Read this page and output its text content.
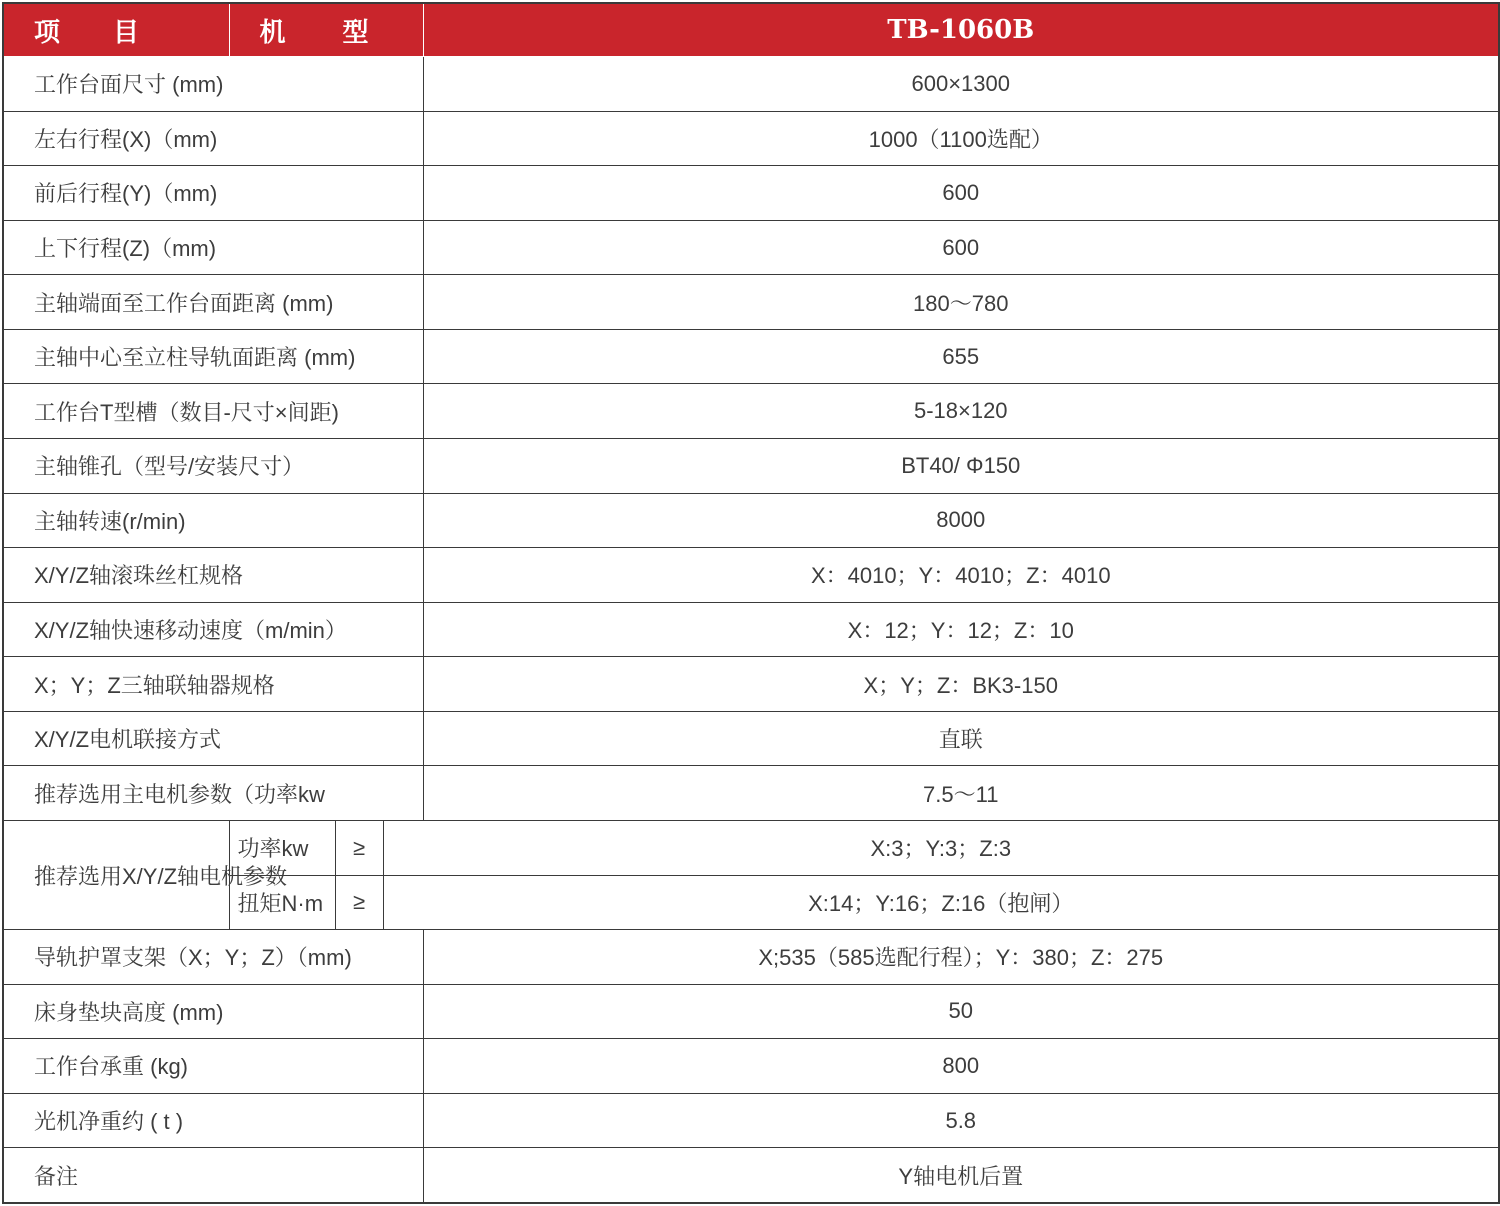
项 目	机 型			TB-1060B
工作台面尺寸 (mm)				600×1300
左右行程(X)（mm)				1000（1100选配）
前后行程(Y)（mm)				600
上下行程(Z)（mm)				600
主轴端面至工作台面距离 (mm)				180～780
主轴中心至立柱导轨面距离 (mm)				655
工作台T型槽（数目-尺寸×间距)				5-18×120
主轴锥孔（型号/安装尺寸）				BT40/ Φ150
主轴转速(r/min)				8000
X/Y/Z轴滚珠丝杠规格				X：4010；Y：4010；Z：4010
X/Y/Z轴快速移动速度（m/min）				X：12；Y：12；Z：10
X；Y；Z三轴联轴器规格				X；Y；Z：BK3-150
X/Y/Z电机联接方式				直联
推荐选用主电机参数（功率kw				7.5～11
推荐选用X/Y/Z轴电机参数	功率kw	≥	X:3；Y:3；Z:3	
	扭矩N·m	≥	X:14；Y:16；Z:16（抱闸）	
导轨护罩支架（X；Y；Z）（mm)				X;535（585选配行程）；Y：380；Z：275
床身垫块高度 (mm)				50
工作台承重 (kg)				800
光机净重约 ( t )				5.8
备注				Y轴电机后置
